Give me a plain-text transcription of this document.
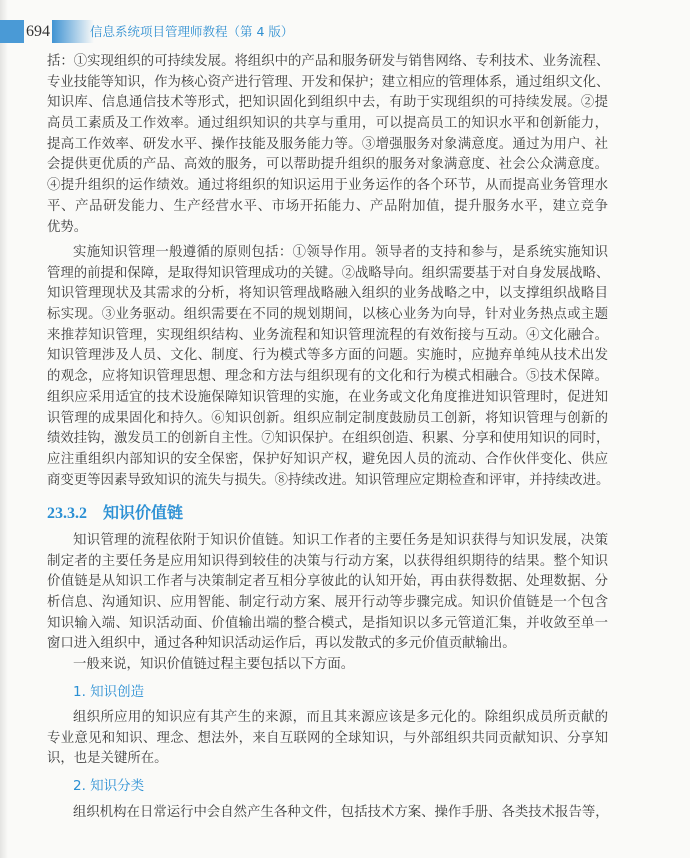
694	信息系统项目管理师教程（第 4 版）
括：①实现组织的可持续发展。将组织中的产品和服务研发与销售网络、专利技术、业务流程、
专业技能等知识，作为核心资产进行管理、开发和保护；建立相应的管理体系，通过组织文化、
知识库、信息通信技术等形式，把知识固化到组织中去，有助于实现组织的可持续发展。②提
高员工素质及工作效率。通过组织知识的共享与重用，可以提高员工的知识水平和创新能力，
提高工作效率、研发水平、操作技能及服务能力等。③增强服务对象满意度。通过为用户、社
会提供更优质的产品、高效的服务，可以帮助提升组织的服务对象满意度、社会公众满意度。
④提升组织的运作绩效。通过将组织的知识运用于业务运作的各个环节，从而提高业务管理水
平、产品研发能力、生产经营水平、市场开拓能力、产品附加值，提升服务水平，建立竞争
优势。
实施知识管理一般遵循的原则包括：①领导作用。领导者的支持和参与，是系统实施知识
管理的前提和保障，是取得知识管理成功的关键。②战略导向。组织需要基于对自身发展战略、
知识管理现状及其需求的分析，将知识管理战略融入组织的业务战略之中，以支撑组织战略目
标实现。③业务驱动。组织需要在不同的规划期间，以核心业务为向导，针对业务热点或主题
来推荐知识管理，实现组织结构、业务流程和知识管理流程的有效衔接与互动。④文化融合。
知识管理涉及人员、文化、制度、行为模式等多方面的问题。实施时，应抛弃单纯从技术出发
的观念，应将知识管理思想、理念和方法与组织现有的文化和行为模式相融合。⑤技术保障。
组织应采用适宜的技术设施保障知识管理的实施，在业务或文化角度推进知识管理时，促进知
识管理的成果固化和持久。⑥知识创新。组织应制定制度鼓励员工创新，将知识管理与创新的
绩效挂钩，激发员工的创新自主性。⑦知识保护。在组织创造、积累、分享和使用知识的同时，
应注重组织内部知识的安全保密，保护好知识产权，避免因人员的流动、合作伙伴变化、供应
商变更等因素导致知识的流失与损失。⑧持续改进。知识管理应定期检查和评审，并持续改进。
23.3.2 知识价值链
知识管理的流程依附于知识价值链。知识工作者的主要任务是知识获得与知识发展，决策
制定者的主要任务是应用知识得到较佳的决策与行动方案，以获得组织期待的结果。整个知识
价值链是从知识工作者与决策制定者互相分享彼此的认知开始，再由获得数据、处理数据、分
析信息、沟通知识、应用智能、制定行动方案、展开行动等步骤完成。知识价值链是一个包含
知识输入端、知识活动面、价值输出端的整合模式，是指知识以多元管道汇集，并收敛至单一
窗口进入组织中，通过各种知识活动运作后，再以发散式的多元价值贡献输出。
一般来说，知识价值链过程主要包括以下方面。
1. 知识创造
组织所应用的知识应有其产生的来源，而且其来源应该是多元化的。除组织成员所贡献的
专业意见和知识、理念、想法外，来自互联网的全球知识，与外部组织共同贡献知识、分享知
识，也是关键所在。
2. 知识分类
组织机构在日常运行中会自然产生各种文件，包括技术方案、操作手册、各类技术报告等，
